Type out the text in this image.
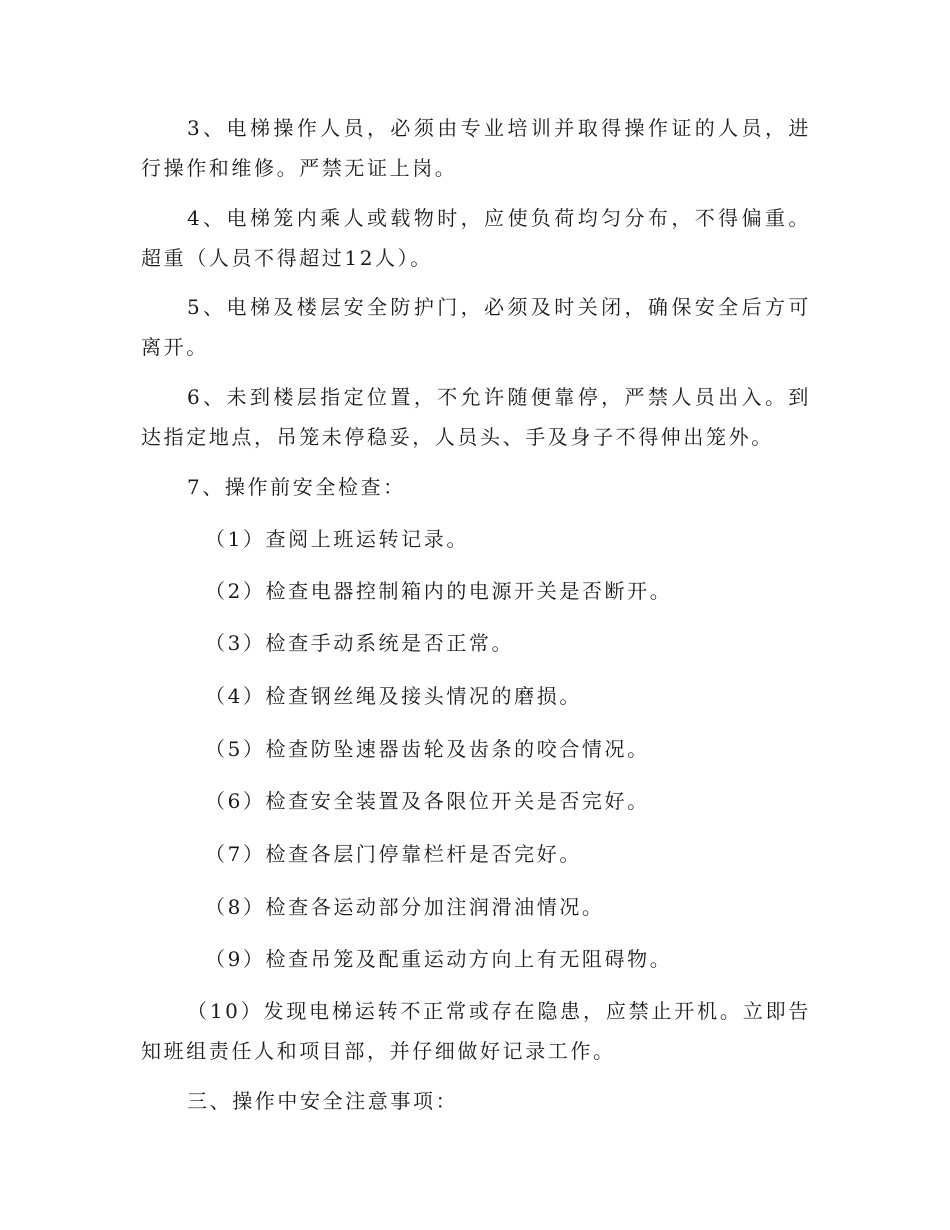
3、电梯操作人员，必须由专业培训并取得操作证的人员，进行操作和维修。严禁无证上岗。

4、电梯笼内乘人或载物时，应使负荷均匀分布，不得偏重。超重（人员不得超过12人）。

5、电梯及楼层安全防护门，必须及时关闭，确保安全后方可离开。

6、未到楼层指定位置，不允许随便靠停，严禁人员出入。到达指定地点，吊笼未停稳妥，人员头、手及身子不得伸出笼外。

7、操作前安全检查：

（1）查阅上班运转记录。

（2）检查电器控制箱内的电源开关是否断开。

（3）检查手动系统是否正常。

（4）检查钢丝绳及接头情况的磨损。

（5）检查防坠速器齿轮及齿条的咬合情况。

（6）检查安全装置及各限位开关是否完好。

（7）检查各层门停靠栏杆是否完好。

（8）检查各运动部分加注润滑油情况。

（9）检查吊笼及配重运动方向上有无阻碍物。

（10）发现电梯运转不正常或存在隐患，应禁止开机。立即告知班组责任人和项目部，并仔细做好记录工作。

三、操作中安全注意事项：
